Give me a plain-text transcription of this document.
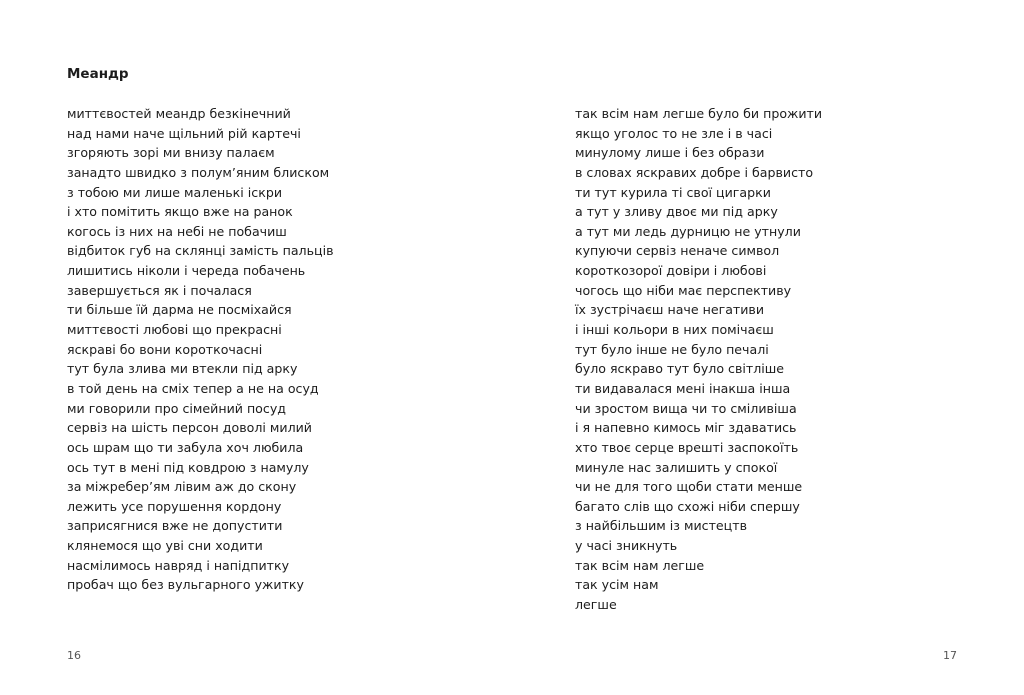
Меандр
миттєвостей меандр безкінечний
над нами наче щільний рій картечі
згоряють зорі ми внизу палаєм
занадто швидко з полум’яним блиском
з тобою ми лише маленькі іскри
і хто помітить якщо вже на ранок
когось із них на небі не побачиш
відбиток губ на склянці замість пальців
лишитись ніколи і череда побачень
завершується як і почалася
ти більше їй дарма не посміхайся
миттєвості любові що прекрасні
яскраві бо вони короткочасні
тут була злива ми втекли під арку
в той день на сміх тепер а не на осуд
ми говорили про сімейний посуд
сервіз на шість персон доволі милий
ось шрам що ти забула хоч любила
ось тут в мені під ковдрою з намулу
за міжребер’ям лівим аж до скону
лежить усе порушення кордону
заприсягнися вже не допустити
клянемося що уві сни ходити
насмілимось навряд і напідпитку
пробач що без вульгарного ужитку
16
так всім нам легше було би прожити
якщо уголос то не зле і в часі
минулому лише і без образи
в словах яскравих добре і барвисто
ти тут курила ті свої цигарки
а тут у зливу двоє ми під арку
а тут ми ледь дурницю не утнули
купуючи сервіз неначе символ
короткозорої довіри і любові
чогось що ніби має перспективу
їх зустрічаєш наче негативи
і інші кольори в них помічаєш
тут було інше не було печалі
було яскраво тут було світліше
ти видавалася мені інакша інша
чи зростом вища чи то сміливіша
і я напевно кимось міг здаватись
хто твоє серце врешті заспокоїть
минуле нас залишить у спокої
чи не для того щоби стати менше
багато слів що схожі ніби спершу
з найбільшим із мистецтв
у часі зникнуть
так всім нам легше
так усім нам
легше
17
